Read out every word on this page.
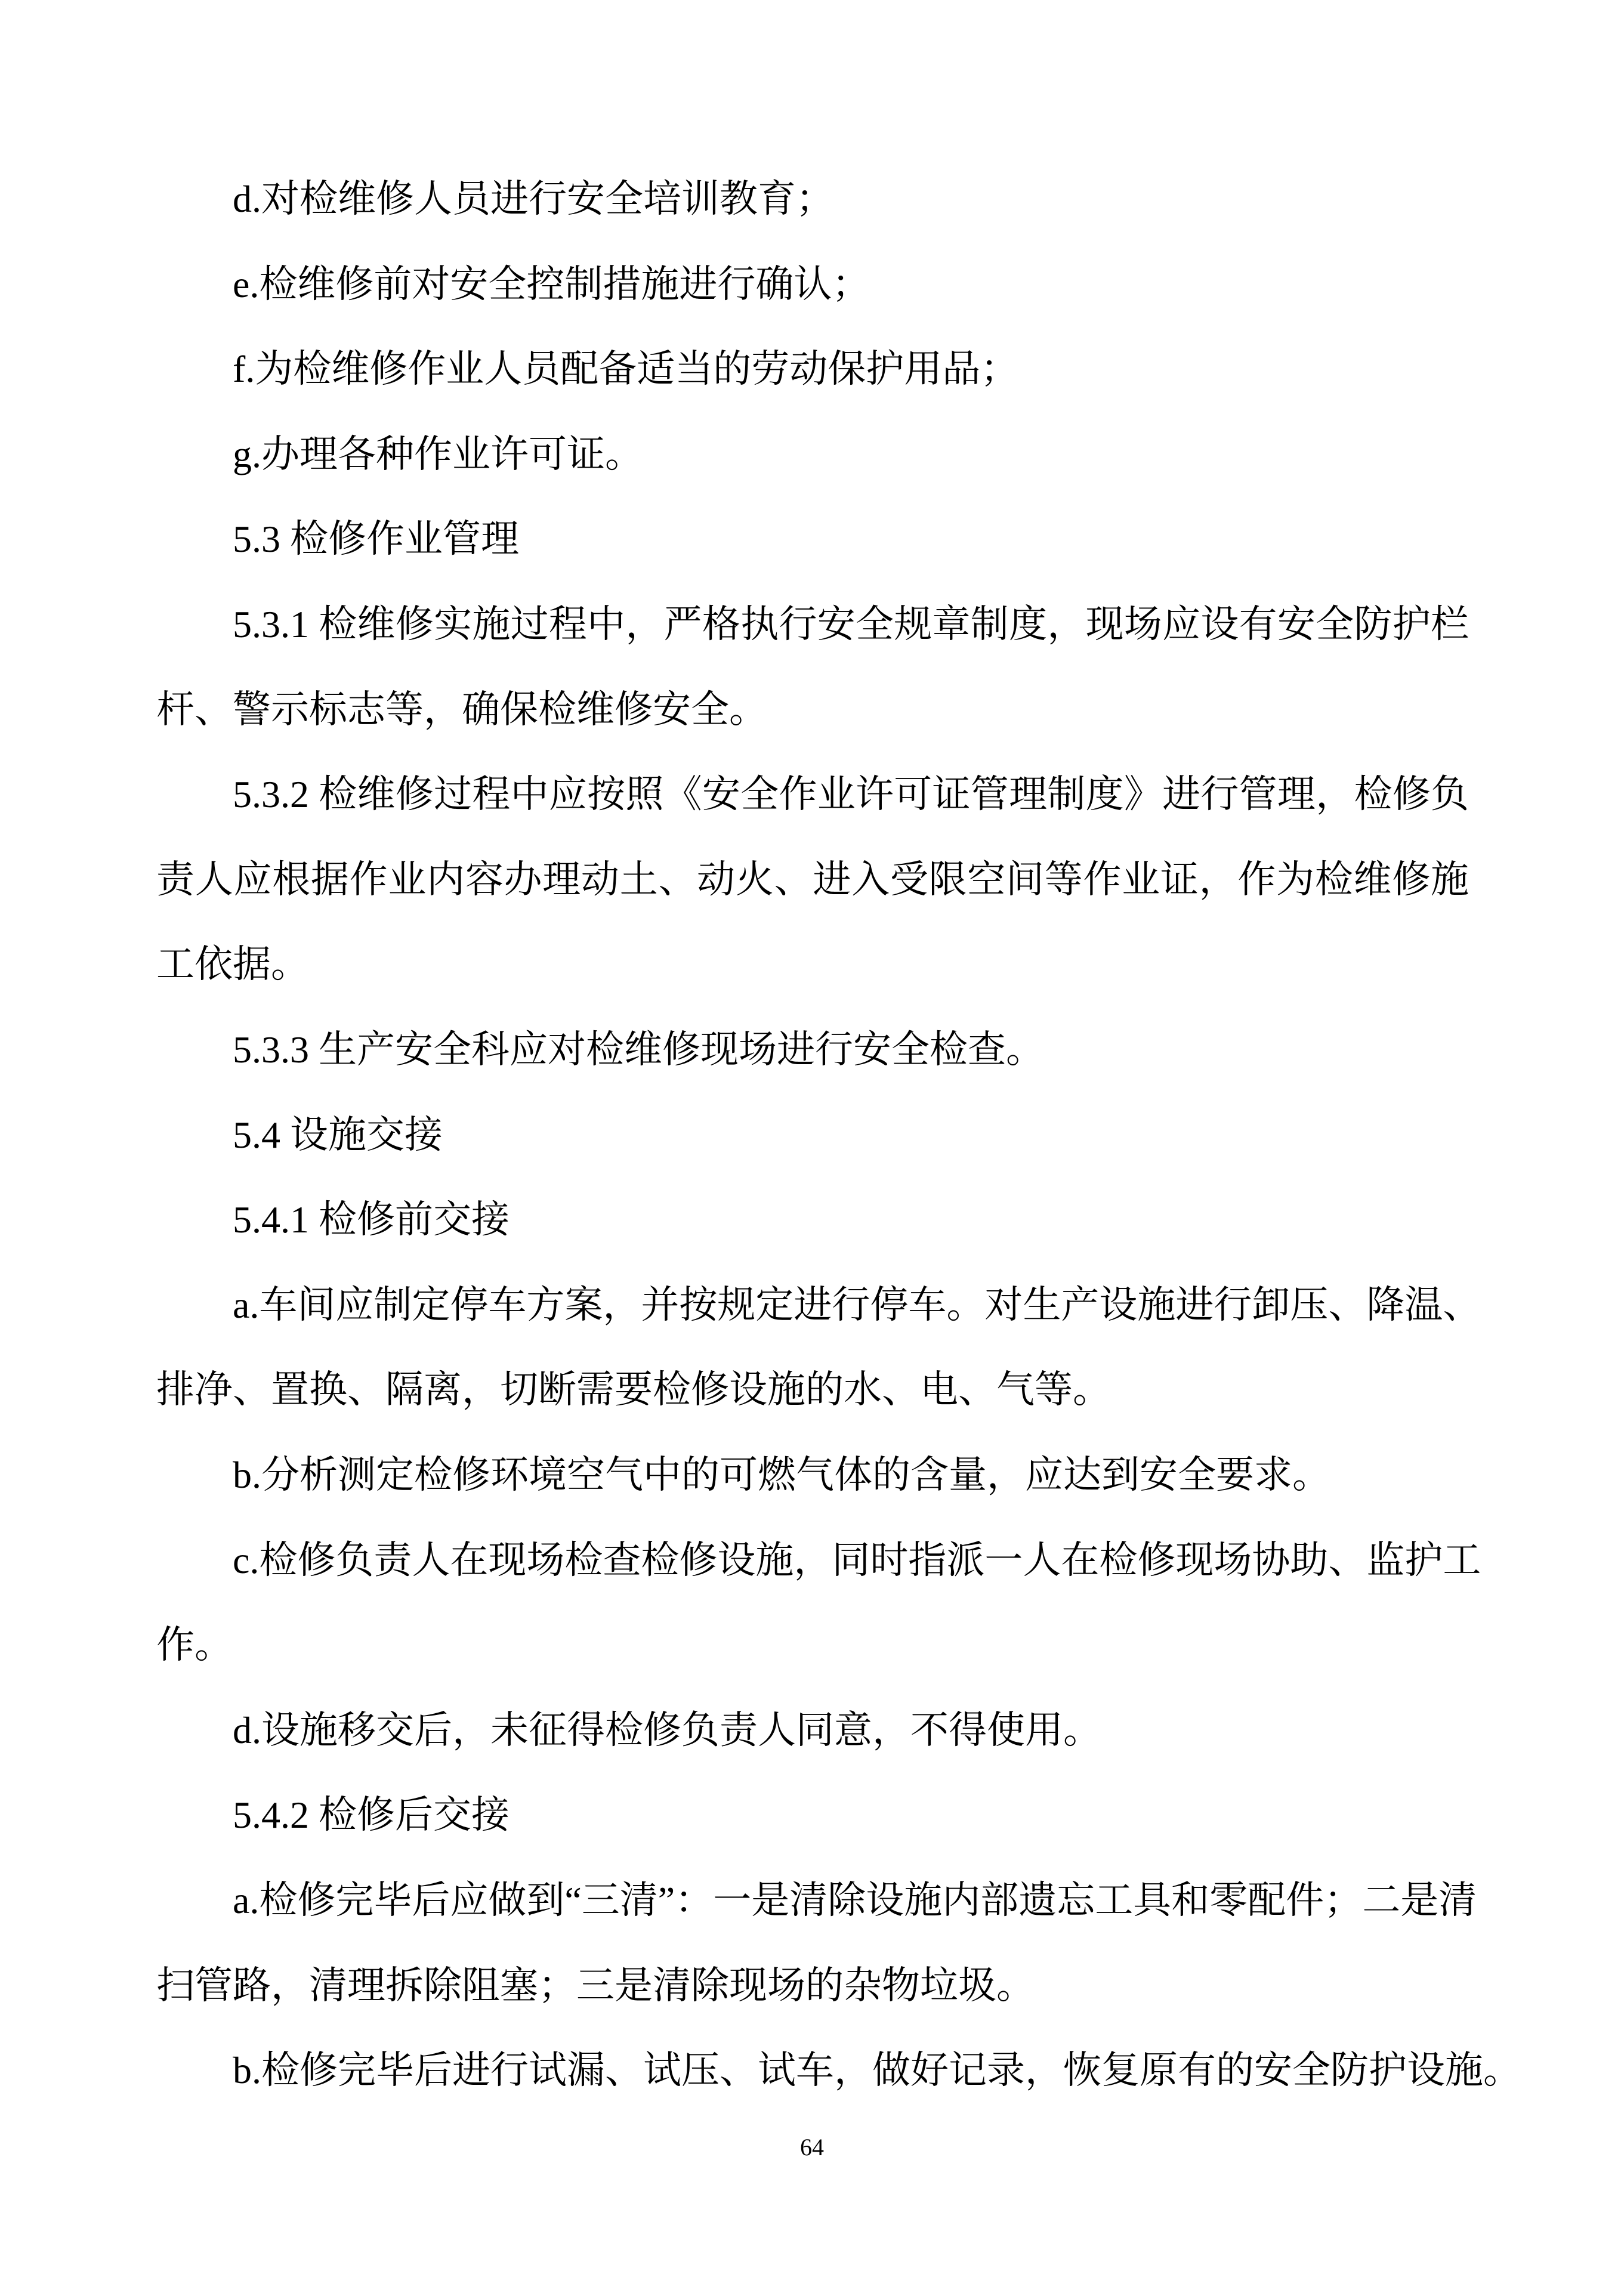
d.对检维修人员进行安全培训教育；
e.检维修前对安全控制措施进行确认；
f.为检维修作业人员配备适当的劳动保护用品；
g.办理各种作业许可证。
5.3 检修作业管理
5.3.1 检维修实施过程中，严格执行安全规章制度，现场应设有安全防护栏
杆、警示标志等，确保检维修安全。
5.3.2 检维修过程中应按照《安全作业许可证管理制度》进行管理，检修负
责人应根据作业内容办理动土、动火、进入受限空间等作业证，作为检维修施
工依据。
5.3.3 生产安全科应对检维修现场进行安全检查。
5.4 设施交接
5.4.1 检修前交接
a.车间应制定停车方案，并按规定进行停车。对生产设施进行卸压、降温、
排净、置换、隔离，切断需要检修设施的水、电、气等。
b.分析测定检修环境空气中的可燃气体的含量，应达到安全要求。
c.检修负责人在现场检查检修设施，同时指派一人在检修现场协助、监护工
作。
d.设施移交后，未征得检修负责人同意，不得使用。
5.4.2 检修后交接
a.检修完毕后应做到“三清”：一是清除设施内部遗忘工具和零配件；二是清
扫管路，清理拆除阻塞；三是清除现场的杂物垃圾。
b.检修完毕后进行试漏、试压、试车，做好记录，恢复原有的安全防护设施。
64
